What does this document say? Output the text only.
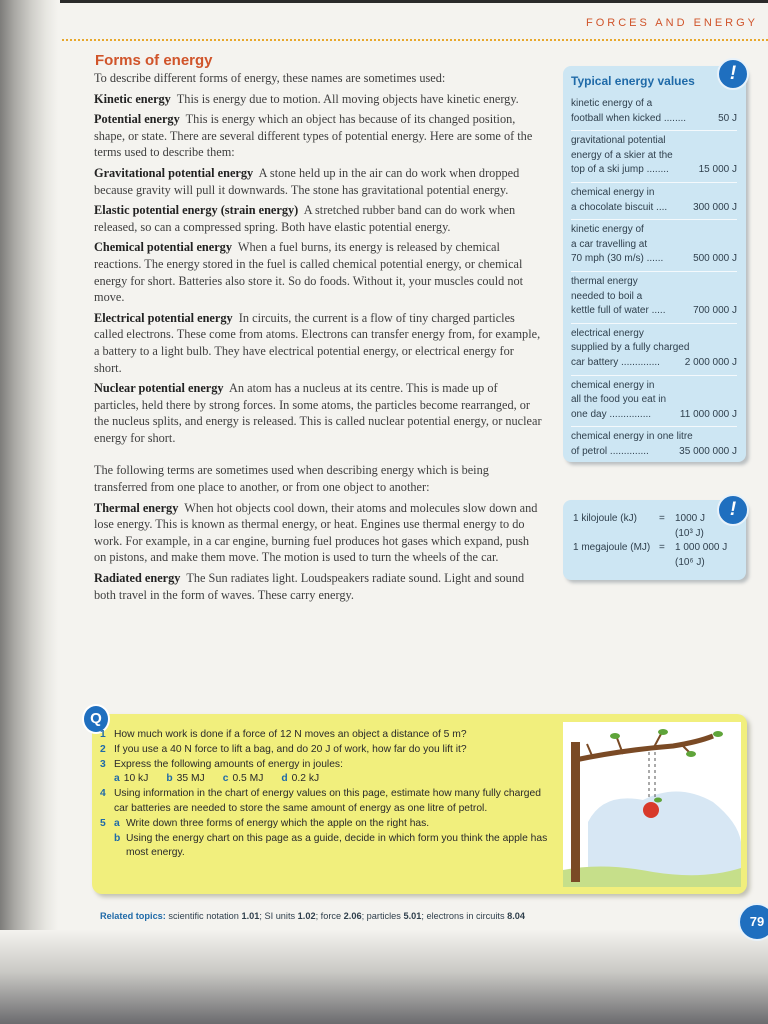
FORCES AND ENERGY
Forms of energy

To describe different forms of energy, these names are sometimes used:

Kinetic energy This is energy due to motion. All moving objects have kinetic energy.

Potential energy This is energy which an object has because of its changed position, shape, or state. There are several different types of potential energy. Here are some of the terms used to describe them:

Gravitational potential energy A stone held up in the air can do work when dropped because gravity will pull it downwards. The stone has gravitational potential energy.

Elastic potential energy (strain energy) A stretched rubber band can do work when released, so can a compressed spring. Both have elastic potential energy.

Chemical potential energy When a fuel burns, its energy is released by chemical reactions. The energy stored in the fuel is called chemical potential energy, or chemical energy for short. Batteries also store it. So do foods. Without it, your muscles could not move.

Electrical potential energy In circuits, the current is a flow of tiny charged particles called electrons. These come from atoms. Electrons can transfer energy from, for example, a battery to a light bulb. They have electrical potential energy, or electrical energy for short.

Nuclear potential energy An atom has a nucleus at its centre. This is made up of particles, held there by strong forces. In some atoms, the particles become rearranged, or the nucleus splits, and energy is released. This is called nuclear potential energy, or nuclear energy for short.

The following terms are sometimes used when describing energy which is being transferred from one place to another, or from one object to another:

Thermal energy When hot objects cool down, their atoms and molecules slow down and lose energy. This is known as thermal energy, or heat. Engines use thermal energy to do work. For example, in a car engine, burning fuel produces hot gases which expand, push on pistons, and make them move. The motion is used to turn the wheels of the car.

Radiated energy The Sun radiates light. Loudspeakers radiate sound. Light and sound both travel in the form of waves. These carry energy.

Typical energy values
kinetic energy of a
football when kicked ........	50 J
gravitational potential
energy of a skier at the
top of a ski jump ........	15 000 J
chemical energy in
a chocolate biscuit ....	300 000 J
kinetic energy of
a car travelling at
70 mph (30 m/s) ......	500 000 J
thermal energy
needed to boil a
kettle full of water .....	700 000 J
electrical energy
supplied by a fully charged
car battery .............. 2 000 000 J
chemical energy in
all the food you eat in
one day ...............	11 000 000 J
chemical energy in one litre
of petrol ..............	35 000 000 J
!
1 kilojoule (kJ)	=	1000 J
(10³ J)
1 megajoule (MJ) =	1 000 000 J
(10⁶ J)
!
Q
1 How much work is done if a force of 12 N moves an object a distance of 5 m?
2 If you use a 40 N force to lift a bag, and do 20 J of work, how far do you lift it?
3 Express the following amounts of energy in joules:
a 10 kJ b 35 MJ c 0.5 MJ d 0.2 kJ
4 Using information in the chart of energy values on this page, estimate how many fully charged car batteries are needed to store the same amount of energy as one litre of petrol.
5 a Write down three forms of energy which the apple on the right has.
b Using the energy chart on this page as a guide, decide in which form you think the apple has most energy.
Related topics: scientific notation 1.01; SI units 1.02; force 2.06; particles 5.01; electrons in circuits 8.04	79
